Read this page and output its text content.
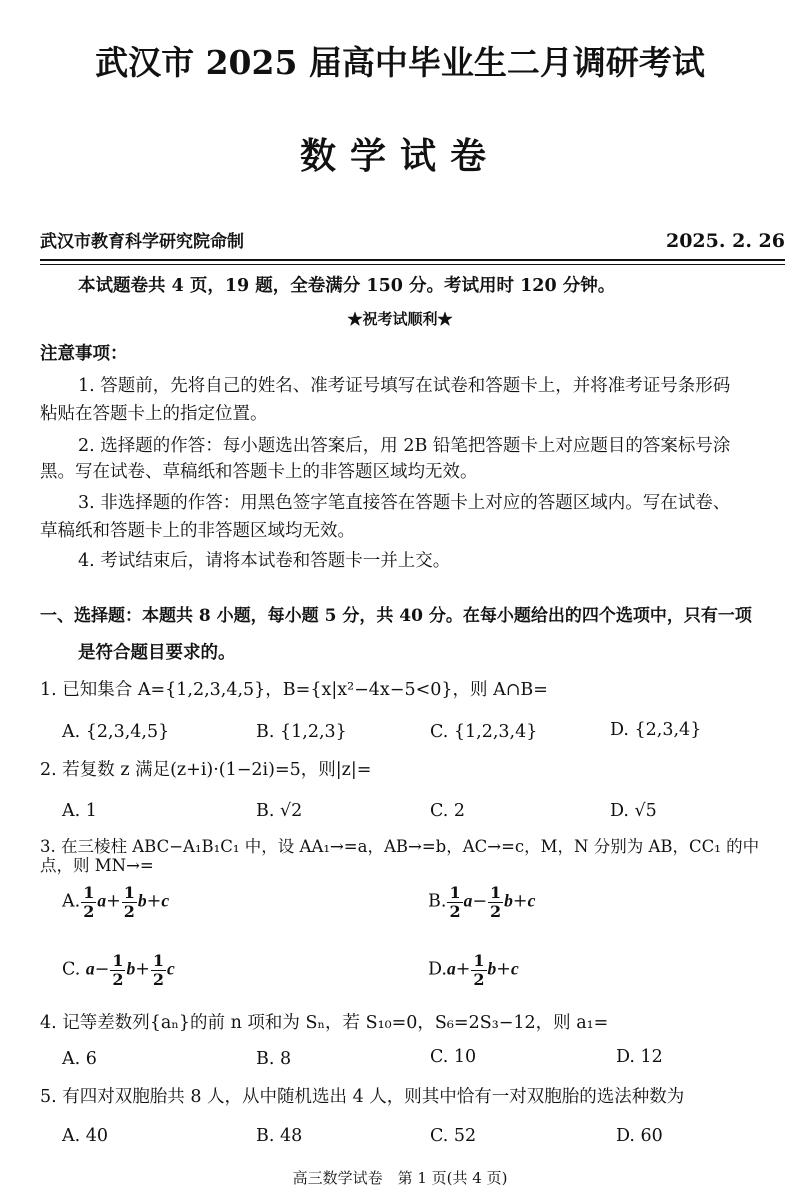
武汉市 2025 届高中毕业生二月调研考试
数学试卷
武汉市教育科学研究院命制	2025. 2. 26
本试题卷共 4 页，19 题，全卷满分 150 分。考试用时 120 分钟。
★祝考试顺利★
注意事项：
1. 答题前，先将自己的姓名、准考证号填写在试卷和答题卡上，并将准考证号条形码
粘贴在答题卡上的指定位置。
2. 选择题的作答：每小题选出答案后，用 2B 铅笔把答题卡上对应题目的答案标号涂
黑。写在试卷、草稿纸和答题卡上的非答题区域均无效。
3. 非选择题的作答：用黑色签字笔直接答在答题卡上对应的答题区域内。写在试卷、
草稿纸和答题卡上的非答题区域均无效。
4. 考试结束后，请将本试卷和答题卡一并上交。
一、选择题：本题共 8 小题，每小题 5 分，共 40 分。在每小题给出的四个选项中，只有一项
是符合题目要求的。
1. 已知集合 A={1,2,3,4,5}，B={x|x²−4x−5<0}，则 A∩B=
A. {2,3,4,5}	B. {1,2,3}	C. {1,2,3,4}	D. {2,3,4}
2. 若复数 z 满足(z+i)·(1−2i)=5，则|z|=
A. 1	B. √2	C. 2	D. √5
3. 在三棱柱 ABC−A₁B₁C₁ 中，设 AA₁→=a，AB→=b，AC→=c，M，N 分别为 AB，CC₁ 的中点，则 MN→=
A. $\frac{1}{2} a+ \frac{1}{2} b+c$	B. $\frac{1}{2} a- \frac{1}{2} b+c$
C. $a- \frac{1}{2} b+ \frac{1}{2}$ c	$D.a+ \frac{1}{2} b+c$
4. 记等差数列{aₙ}的前 n 项和为 Sₙ，若 S₁₀=0，S₆=2S₃−12，则 a₁=
A. 6	B. 8	C. 10	D. 12
5. 有四对双胞胎共 8 人，从中随机选出 4 人，则其中恰有一对双胞胎的选法种数为
A. 40	B. 48	C. 52	D. 60
高三数学试卷　第 1 页(共 4 页)
